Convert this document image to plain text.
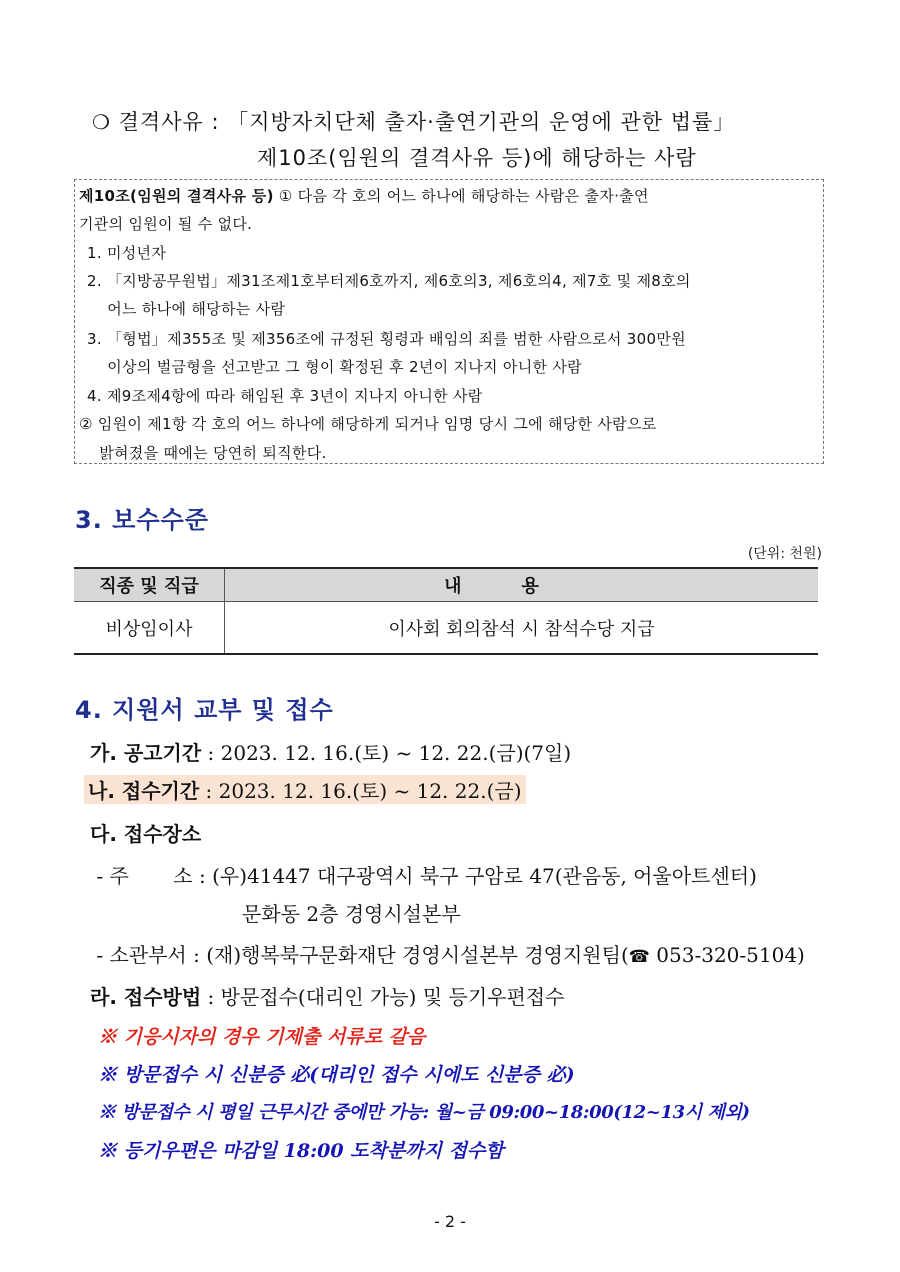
❍ 결격사유 : 「지방자치단체 출자·출연기관의 운영에 관한 법률」
제10조(임원의 결격사유 등)에 해당하는 사람
제10조(임원의 결격사유 등) ① 다음 각 호의 어느 하나에 해당하는 사람은 출자·출연
기관의 임원이 될 수 없다.
1. 미성년자
2. 「지방공무원법」제31조제1호부터제6호까지, 제6호의3, 제6호의4, 제7호 및 제8호의
어느 하나에 해당하는 사람
3. 「형법」제355조 및 제356조에 규정된 횡령과 배임의 죄를 범한 사람으로서 300만원
이상의 벌금형을 선고받고 그 형이 확정된 후 2년이 지나지 아니한 사람
4. 제9조제4항에 따라 해임된 후 3년이 지나지 아니한 사람
② 임원이 제1항 각 호의 어느 하나에 해당하게 되거나 임명 당시 그에 해당한 사람으로
밝혀졌을 때에는 당연히 퇴직한다.
3. 보수수준
(단위: 천원)
직종 및 직급	내용
비상임이사	이사회 회의참석 시 참석수당 지급
4. 지원서 교부 및 접수
가. 공고기간 : 2023. 12. 16.(토) ~ 12. 22.(금)(7일)
나. 접수기간 : 2023. 12. 16.(토) ~ 12. 22.(금)
다. 접수장소
- 주       소 : (우)41447 대구광역시 북구 구암로 47(관음동, 어울아트센터)
문화동 2층 경영시설본부
- 소관부서 : (재)행복북구문화재단 경영시설본부 경영지원팀(☎ 053-320-5104)
라. 접수방법 : 방문접수(대리인 가능) 및 등기우편접수
※ 기응시자의 경우 기제출 서류로 갈음
※ 방문접수 시 신분증 必(대리인 접수 시에도 신분증 必)
※ 방문접수 시 평일 근무시간 중에만 가능: 월~금 09:00~18:00(12~13시 제외)
※ 등기우편은 마감일 18:00 도착분까지 접수함
- 2 -
